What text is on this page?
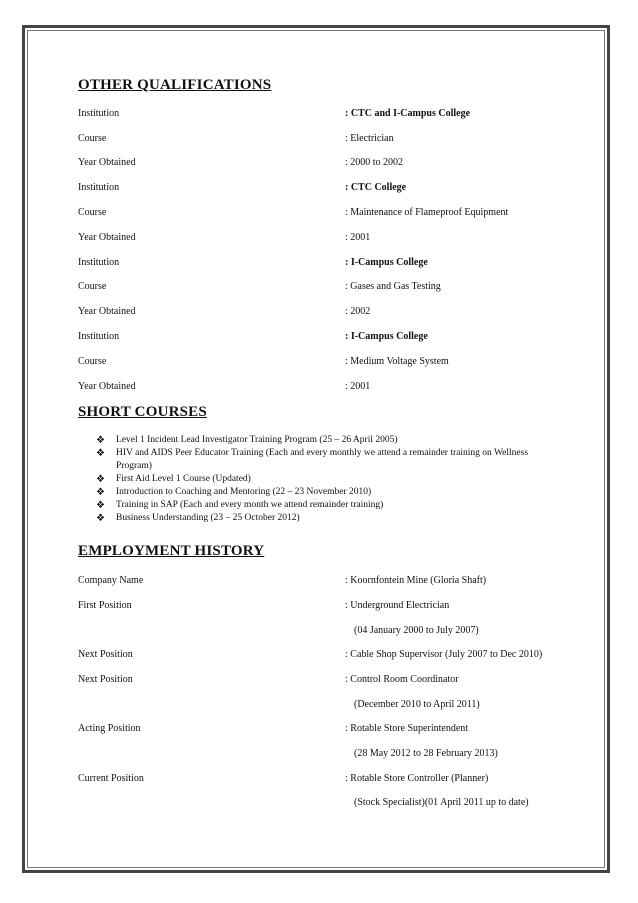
OTHER QUALIFICATIONS
Institution	: CTC and I-Campus College
Course	: Electrician
Year Obtained	: 2000 to 2002
Institution	: CTC College
Course	: Maintenance of Flameproof Equipment
Year Obtained	: 2001
Institution	: I-Campus College
Course	: Gases and Gas Testing
Year Obtained	: 2002
Institution	: I-Campus College
Course	: Medium Voltage System
Year Obtained	: 2001
SHORT COURSES
❖ Level 1 Incident Lead Investigator Training Program (25 – 26 April 2005)
❖ HIV and AIDS Peer Educator Training (Each and every monthly we attend a remainder training on Wellness Program)
❖ First Aid Level 1 Course (Updated)
❖ Introduction to Coaching and Mentoring (22 – 23 November 2010)
❖ Training in SAP (Each and every month we attend remainder training)
❖ Business Understanding (23 – 25 October 2012)
EMPLOYMENT HISTORY
Company Name	: Koornfontein Mine (Gloria Shaft)
First Position	: Underground Electrician
(04 January 2000 to July 2007)
Next Position	: Cable Shop Supervisor (July 2007 to Dec 2010)
Next Position	: Control Room Coordinator
(December 2010 to April 2011)
Acting Position	: Rotable Store Superintendent
(28 May 2012 to 28 February 2013)
Current Position	: Rotable Store Controller (Planner)
(Stock Specialist)(01 April 2011 up to date)
